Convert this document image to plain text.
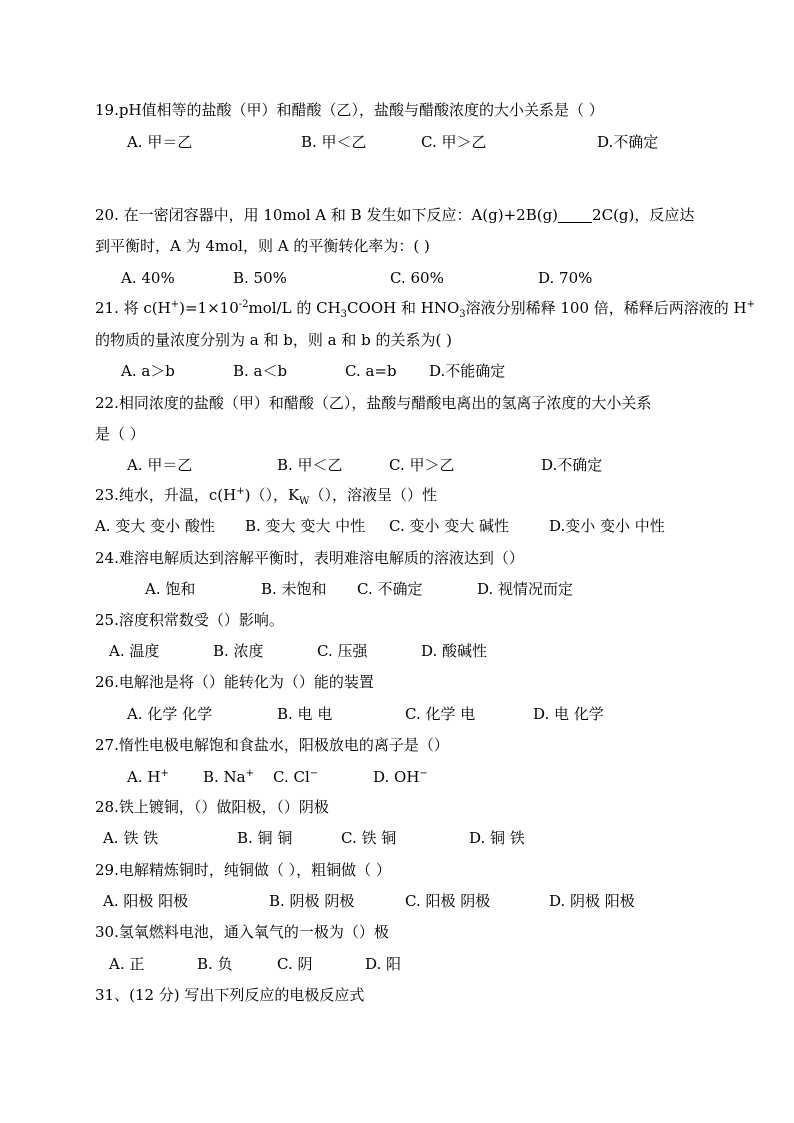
19.pH值相等的盐酸（甲）和醋酸（乙），盐酸与醋酸浓度的大小关系是（ ）
A. 甲＝乙	B. 甲＜乙	C. 甲＞乙	D.不确定
20. 在一密闭容器中，用 10mol A 和 B 发生如下反应：A(g)+2B(g) 2C(g)，反应达
到平衡时，A 为 4mol，则 A 的平衡转化率为：( )
A. 40%	B. 50%	C. 60%	D. 70%
21. 将 $c(H^+)=1\times 10^{-2}mol/L$ 的 $CH_3COOH$ 和 $HNO_3$溶液分别稀释 100 倍，稀释后两溶液的 H+
的物质的量浓度分别为 a 和 b，则 a 和 b 的关系为( )
A. a＞b	B. a＜b	C. a=b D.不能确定
22.相同浓度的盐酸（甲）和醋酸（乙），盐酸与醋酸电离出的氢离子浓度的大小关系
是（ ）
A. 甲＝乙	B. 甲＜乙	C. 甲＞乙	D.不确定
23.纯水，升温，c(H+)（），$K_W()$，溶液呈（）性
A. 变大 变小 酸性 B. 变大 变大 中性 C. 变小 变大 碱性	D.变小 变小 中性
24.难溶电解质达到溶解平衡时，表明难溶电解质的溶液达到（）
A. 饱和	B. 未饱和 C. 不确定	D. 视情况而定
25.溶度积常数受（）影响。
A. 温度	B. 浓度	C. 压强	D. 酸碱性
26.电解池是将（）能转化为（）能的装置
A. 化学 化学	B. 电 电	C. 化学 电	D. 电 化学
27.惰性电极电解饱和食盐水，阳极放电的离子是（）
A. H+ B. Na+ C. Cl−	D. OH−
28.铁上镀铜，（）做阳极，（）阴极
A. 铁 铁	B. 铜 铜	C. 铁 铜	D. 铜 铁
29.电解精炼铜时，纯铜做（ ），粗铜做（ ）
A. 阳极 阳极	B. 阴极 阴极	C. 阳极 阴极	D. 阴极 阳极
30.氢氧燃料电池，通入氧气的一极为（）极
A. 正	B. 负	C. 阴	D. 阳
31、(12 分) 写出下列反应的电极反应式
